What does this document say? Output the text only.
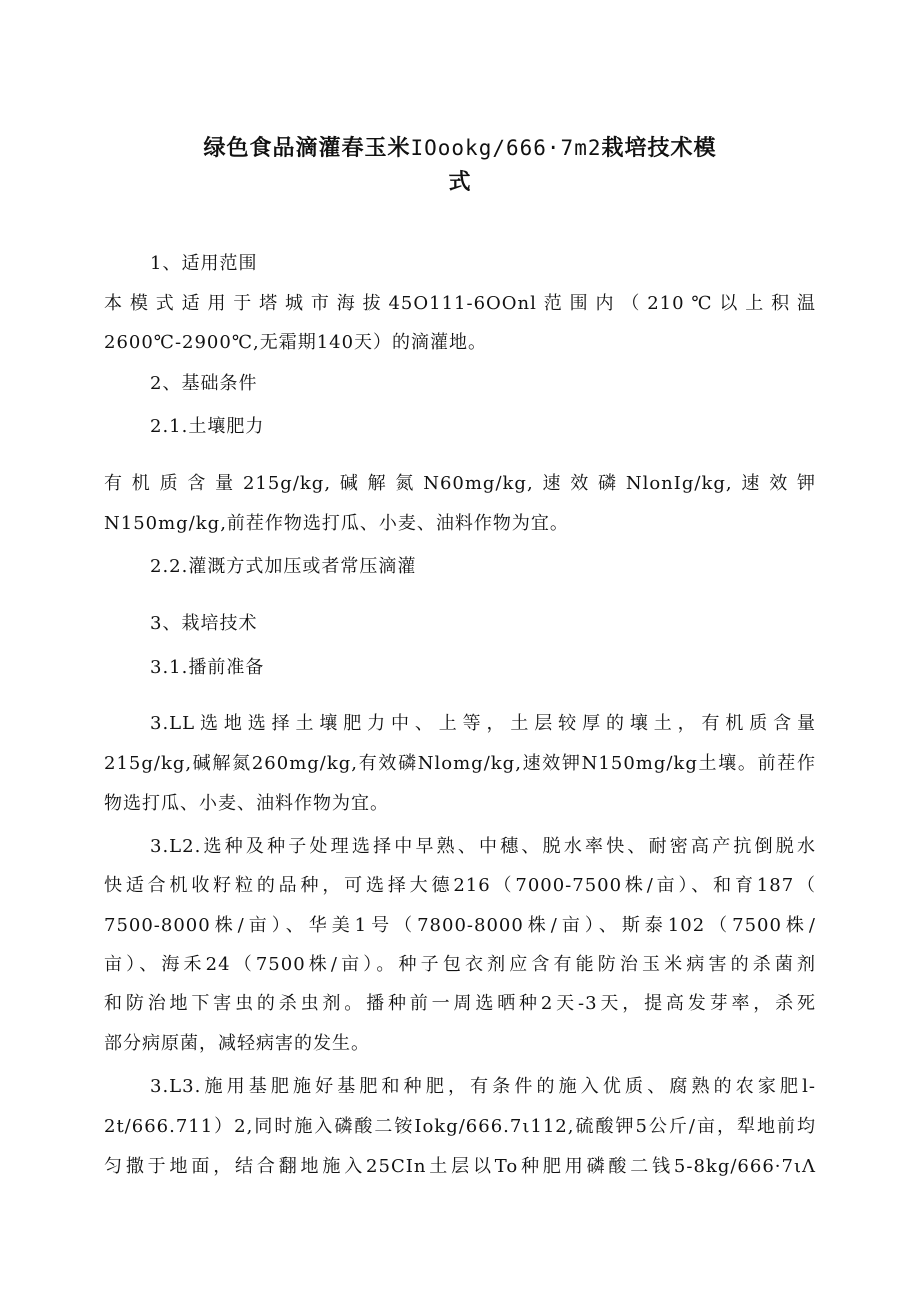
绿色食品滴灌春玉米IOookg∕666·7m2栽培技术模
式
1、适用范围
本模式适用于塔城市海拔45O111-6OOnl范围内（210℃以上积温
2600℃-2900℃,无霜期140天）的滴灌地。
2、基础条件
2.1.土壤肥力
有机质含量215g∕kg,碱解氮N60mg∕kg,速效磷NlonIg∕kg,速效钾
N150mg∕kg,前茬作物选打瓜、小麦、油料作物为宜。
2.2.灌溉方式加压或者常压滴灌
3、栽培技术
3.1.播前准备
3.LL选地选择土壤肥力中、上等，土层较厚的壤土，有机质含量
215g∕kg,碱解氮260mg∕kg,有效磷Nlomg∕kg,速效钾N150mg∕kg土壤。前茬作
物选打瓜、小麦、油料作物为宜。
3.L2.选种及种子处理选择中早熟、中穗、脱水率快、耐密高产抗倒脱水
快适合机收籽粒的品种，可选择大德216（7000-7500株/亩）、和育187（
7500-8000株/亩）、华美1号（7800-8000株/亩）、斯泰102（7500株/
亩）、海禾24（7500株/亩）。种子包衣剂应含有能防治玉米病害的杀菌剂
和防治地下害虫的杀虫剂。播种前一周选晒种2天-3天，提高发芽率，杀死
部分病原菌，减轻病害的发生。
3.L3.施用基肥施好基肥和种肥，有条件的施入优质、腐熟的农家肥l-
2t∕666.711）2,同时施入磷酸二铵Iokg/666.7ι112,硫酸钾5公斤/亩，犁地前均
匀撒于地面，结合翻地施入25CIn土层以To种肥用磷酸二钱5-8kg∕666·7ιΛ
